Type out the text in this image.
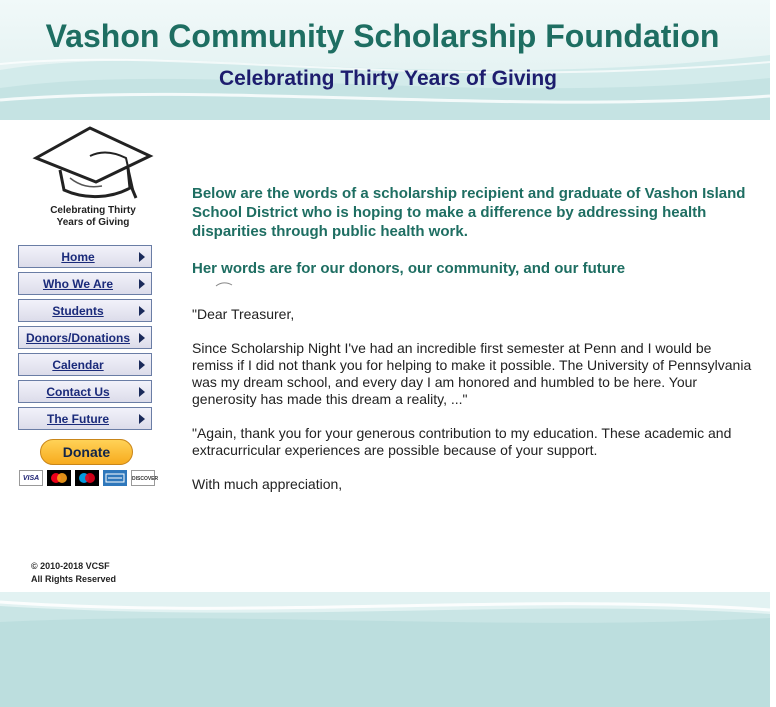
Vashon Community Scholarship Foundation
Celebrating Thirty Years of Giving
Celebrating Thirty
Years of Giving
Home
Who We Are
Students
Donors/Donations
Calendar
Contact Us
The Future
Donate
VISA	DISCOVER
© 2010-2018 VCSF
All Rights Reserved

Below are the words of a scholarship recipient and graduate of Vashon Island School District who is hoping to make a difference by addressing health disparities through public health work.

Her words are for our donors, our community, and our future

"Dear Treasurer,

Since Scholarship Night I've had an incredible first semester at Penn and I would be remiss if I did not thank you for helping to make it possible. The University of Pennsylvania was my dream school, and every day I am honored and humbled to be here. Your generosity has made this dream a reality, ..."

"Again, thank you for your generous contribution to my education. These academic and extracurricular experiences are possible because of your support.

With much appreciation,
